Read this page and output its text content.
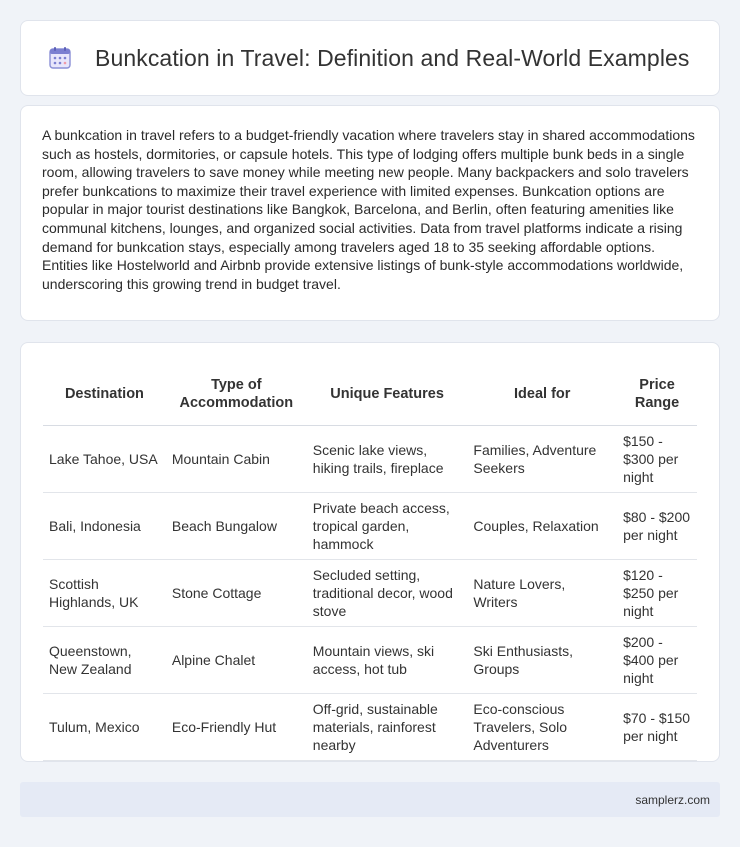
Bunkcation in Travel: Definition and Real-World Examples

A bunkcation in travel refers to a budget-friendly vacation where travelers stay in shared accommodations such as hostels, dormitories, or capsule hotels. This type of lodging offers multiple bunk beds in a single room, allowing travelers to save money while meeting new people. Many backpackers and solo travelers prefer bunkcations to maximize their travel experience with limited expenses. Bunkcation options are popular in major tourist destinations like Bangkok, Barcelona, and Berlin, often featuring amenities like communal kitchens, lounges, and organized social activities. Data from travel platforms indicate a rising demand for bunkcation stays, especially among travelers aged 18 to 35 seeking affordable options. Entities like Hostelworld and Airbnb provide extensive listings of bunk-style accommodations worldwide, underscoring this growing trend in budget travel.

Destination	Type of Accommodation	Unique Features	Ideal for	Price Range
Lake Tahoe, USA	Mountain Cabin	Scenic lake views, hiking trails, fireplace	Families, Adventure Seekers	$150 - $300 per night
Bali, Indonesia	Beach Bungalow	Private beach access, tropical garden, hammock	Couples, Relaxation	$80 - $200 per night
Scottish Highlands, UK	Stone Cottage	Secluded setting, traditional decor, wood stove	Nature Lovers, Writers	$120 - $250 per night
Queenstown, New Zealand	Alpine Chalet	Mountain views, ski access, hot tub	Ski Enthusiasts, Groups	$200 - $400 per night
Tulum, Mexico	Eco-Friendly Hut	Off-grid, sustainable materials, rainforest nearby	Eco-conscious Travelers, Solo Adventurers	$70 - $150 per night
samplerz.com
